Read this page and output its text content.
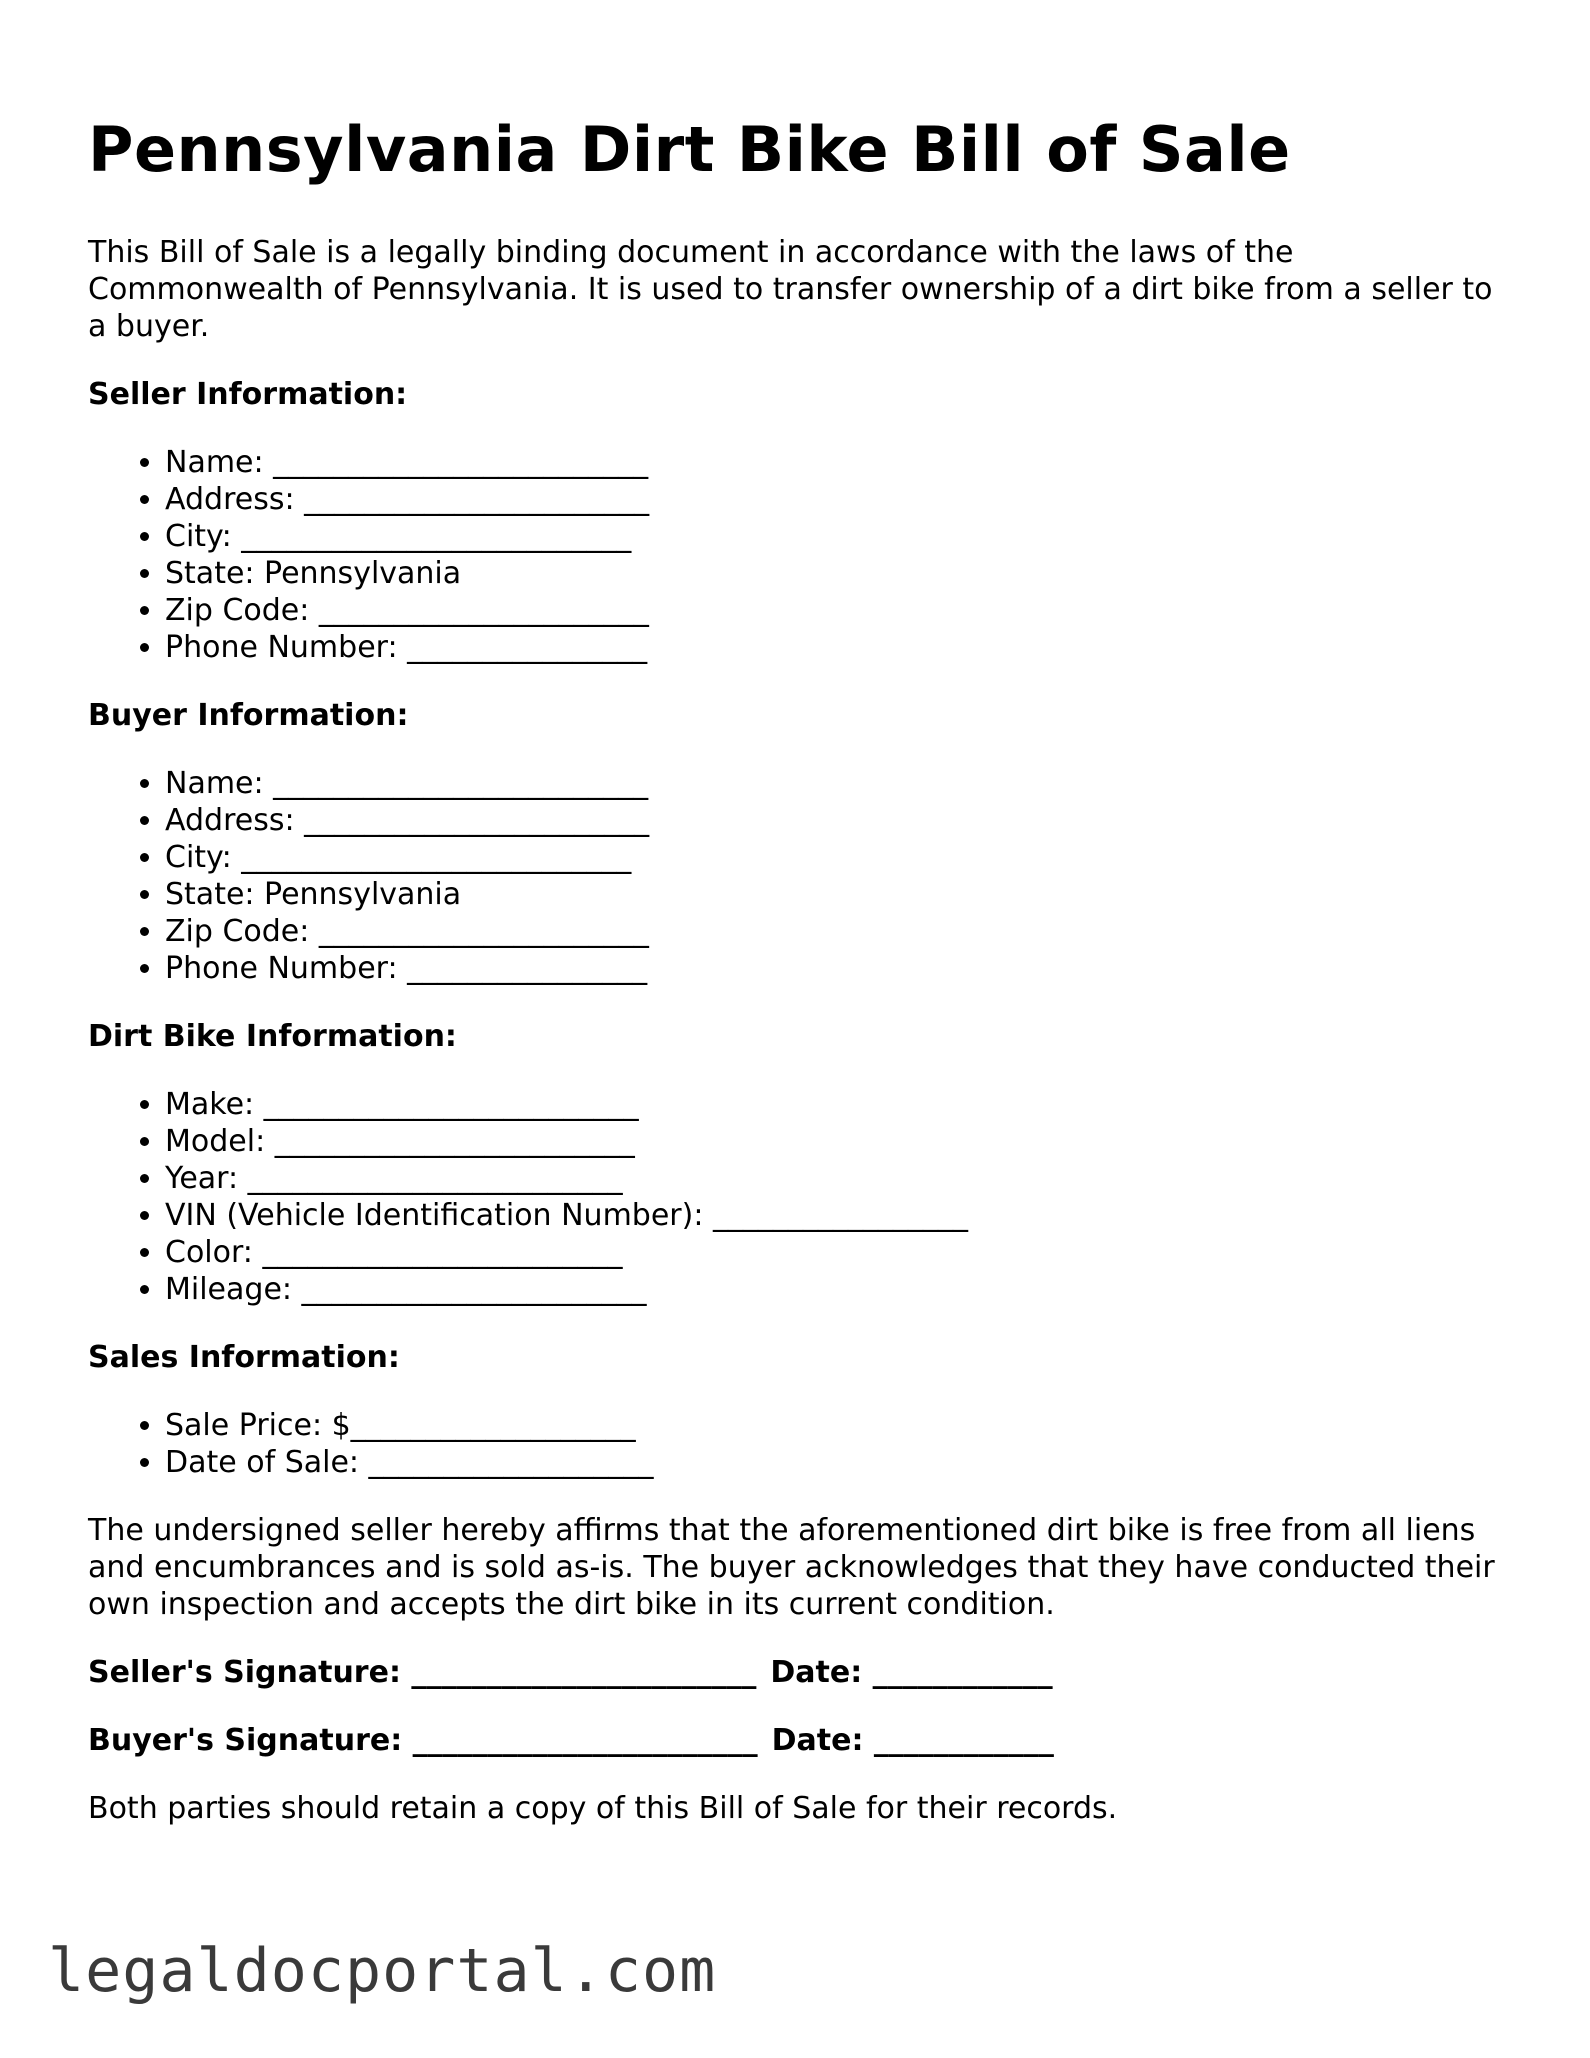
Pennsylvania Dirt Bike Bill of Sale

This Bill of Sale is a legally binding document in accordance with the laws of the Commonwealth of Pennsylvania. It is used to transfer ownership of a dirt bike from a seller to a buyer.

Seller Information:
• Name: _________________________
• Address: _______________________
• City: __________________________
• State: Pennsylvania
• Zip Code: ______________________
• Phone Number: ________________
Buyer Information:
• Name: _________________________
• Address: _______________________
• City: __________________________
• State: Pennsylvania
• Zip Code: ______________________
• Phone Number: ________________
Dirt Bike Information:
• Make: _________________________
• Model: ________________________
• Year: _________________________
• VIN (Vehicle Identification Number): _________________
• Color: ________________________
• Mileage: _______________________
Sales Information:
• Sale Price: $___________________
• Date of Sale: ___________________

The undersigned seller hereby affirms that the aforementioned dirt bike is free from all liens and encumbrances and is sold as-is. The buyer acknowledges that they have conducted their own inspection and accepts the dirt bike in its current condition.

Seller's Signature: _______________________ Date: ____________
Buyer's Signature: _______________________ Date: ____________

Both parties should retain a copy of this Bill of Sale for their records.

legaldocportal.com
